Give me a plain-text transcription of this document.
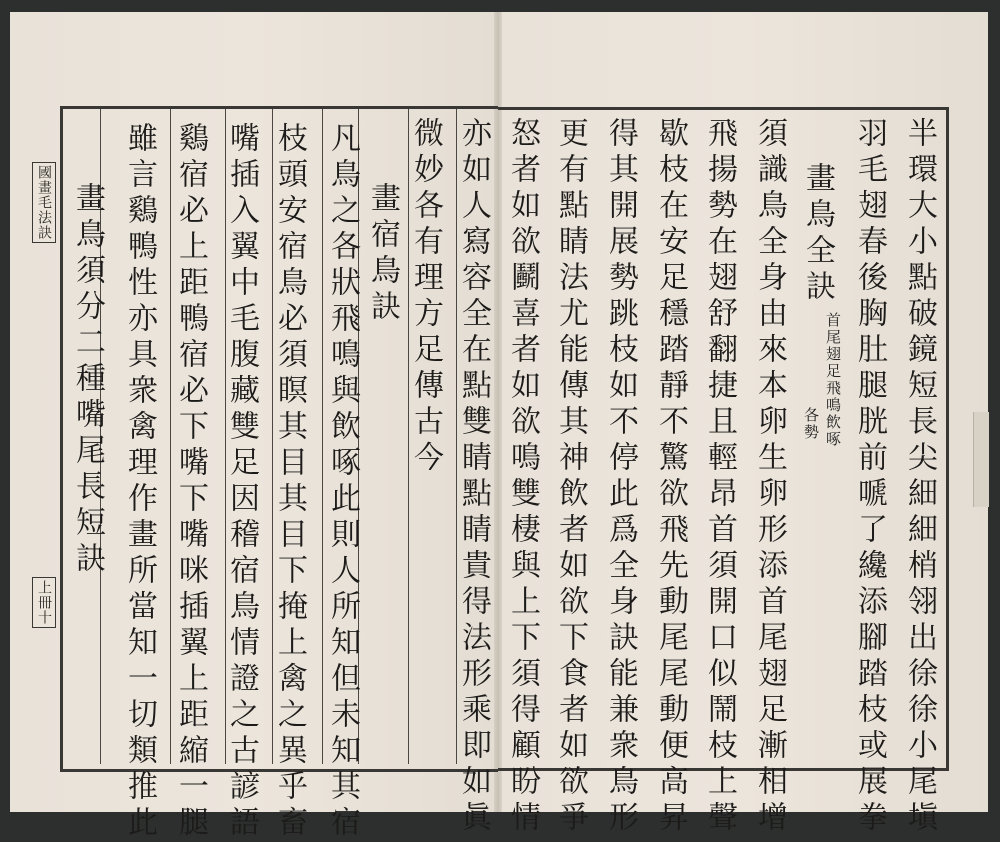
國畫毛法訣
上冊十	凡鳥之各狀飛鳴與飲啄此則人所知但未知其宿
枝頭安宿鳥必須瞑其目其目下掩上禽之異乎畜
嘴插入翼中毛腹藏雙足因稽宿鳥情證之古諺語
鷄宿必上距鴨宿必下嘴下嘴咪插翼上距縮一腿
雖言鷄鴨性亦具衆禽理作畫所當知一切類推此
畫鳥須分二種嘴尾長短訣	半環大小點破鏡短長尖細細梢翎出徐徐小尾塡
羽毛翅春後胸肚腿胱前嗁了纔添腳踏枝或展拳
畫鳥全訣
首尾翅足飛鳴飲啄
各勢
須識鳥全身由來本卵生卵形添首尾翅足漸相增
飛揚勢在翅舒翻捷且輕昂首須開口似鬧枝上聲
歇枝在安足穩踏靜不驚欲飛先動尾尾動便高昇
得其開展勢跳枝如不停此爲全身訣能兼衆鳥形
更有點睛法尤能傳其神飲者如欲下食者如欲爭
怒者如欲鬬喜者如欲鳴雙棲與上下須得顧盼情
亦如人寫容全在點雙睛點睛貴得法形乘即如眞
微妙各有理方足傳古今
畫宿鳥訣
